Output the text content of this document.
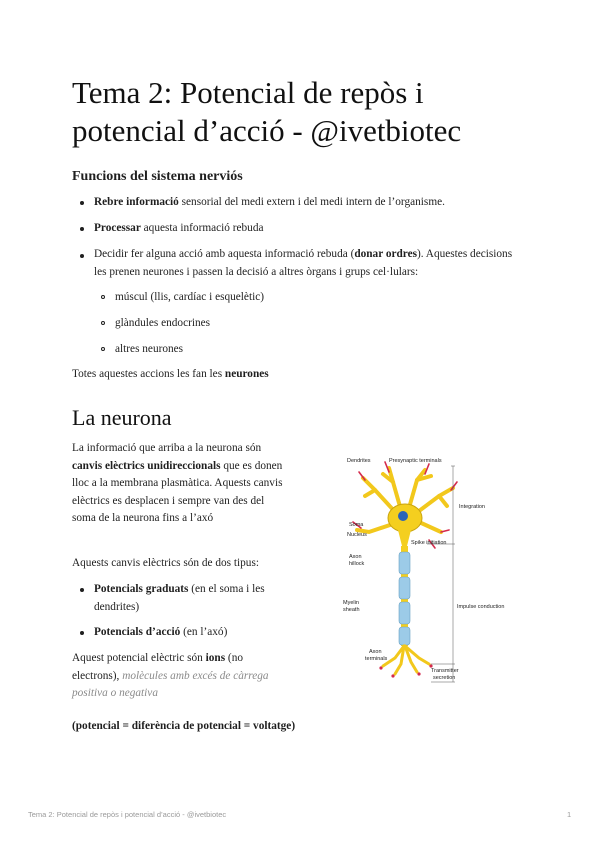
Tema 2: Potencial de repòs i potencial d’acció - @ivetbiotec
Funcions del sistema nerviós

Rebre informació sensorial del medi extern i del medi intern de l’organisme.

Processar aquesta informació rebuda

Decidir fer alguna acció amb aquesta informació rebuda (donar ordres). Aquestes decisions les prenen neurones i passen la decisió a altres òrgans i grups cel·lulars:

múscul (llis, cardíac i esquelètic)

glàndules endocrines

altres neurones

Totes aquestes accions les fan les neurones

La neurona

La informació que arriba a la neurona són canvis elèctrics unidireccionals que es donen lloc a la membrana plasmàtica. Aquests canvis elèctrics es desplacen i sempre van des del soma de la neurona fins a l’axó

Aquests canvis elèctrics són de dos tipus:

Potencials graduats (en el soma i les dendrites)

Potencials d’acció (en l’axó)

Aquest potencial elèctric són ions (no electrons), molècules amb excés de càrrega positiva o negativa

(potencial = diferència de potencial = voltatge)

Dendrites	Presynaptic terminals
Integration
Soma
Nucleus
Spike initiation
Axon
hillock
Myelin
sheath	Impulse conduction
Axon
terminals
Transmitter
secretion
Tema 2: Potencial de repòs i potencial d’acció - @ivetbiotec	1
